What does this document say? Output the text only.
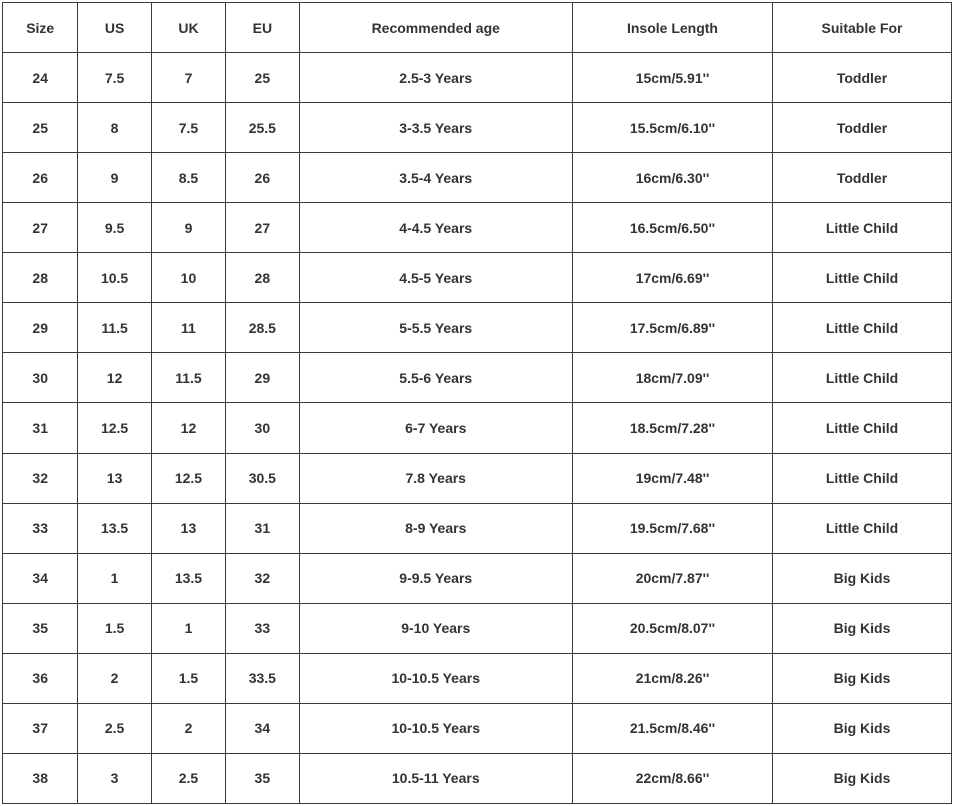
Size	US	UK	EU	Recommended age	Insole Length	Suitable For
24	7.5	7	25	2.5-3 Years	15cm/5.91''	Toddler
25	8	7.5	25.5	3-3.5 Years	15.5cm/6.10''	Toddler
26	9	8.5	26	3.5-4 Years	16cm/6.30''	Toddler
27	9.5	9	27	4-4.5 Years	16.5cm/6.50''	Little Child
28	10.5	10	28	4.5-5 Years	17cm/6.69''	Little Child
29	11.5	11	28.5	5-5.5 Years	17.5cm/6.89''	Little Child
30	12	11.5	29	5.5-6 Years	18cm/7.09''	Little Child
31	12.5	12	30	6-7 Years	18.5cm/7.28''	Little Child
32	13	12.5	30.5	7.8 Years	19cm/7.48''	Little Child
33	13.5	13	31	8-9 Years	19.5cm/7.68''	Little Child
34	1	13.5	32	9-9.5 Years	20cm/7.87''	Big Kids
35	1.5	1	33	9-10 Years	20.5cm/8.07''	Big Kids
36	2	1.5	33.5	10-10.5 Years	21cm/8.26''	Big Kids
37	2.5	2	34	10-10.5 Years	21.5cm/8.46''	Big Kids
38	3	2.5	35	10.5-11 Years	22cm/8.66''	Big Kids
